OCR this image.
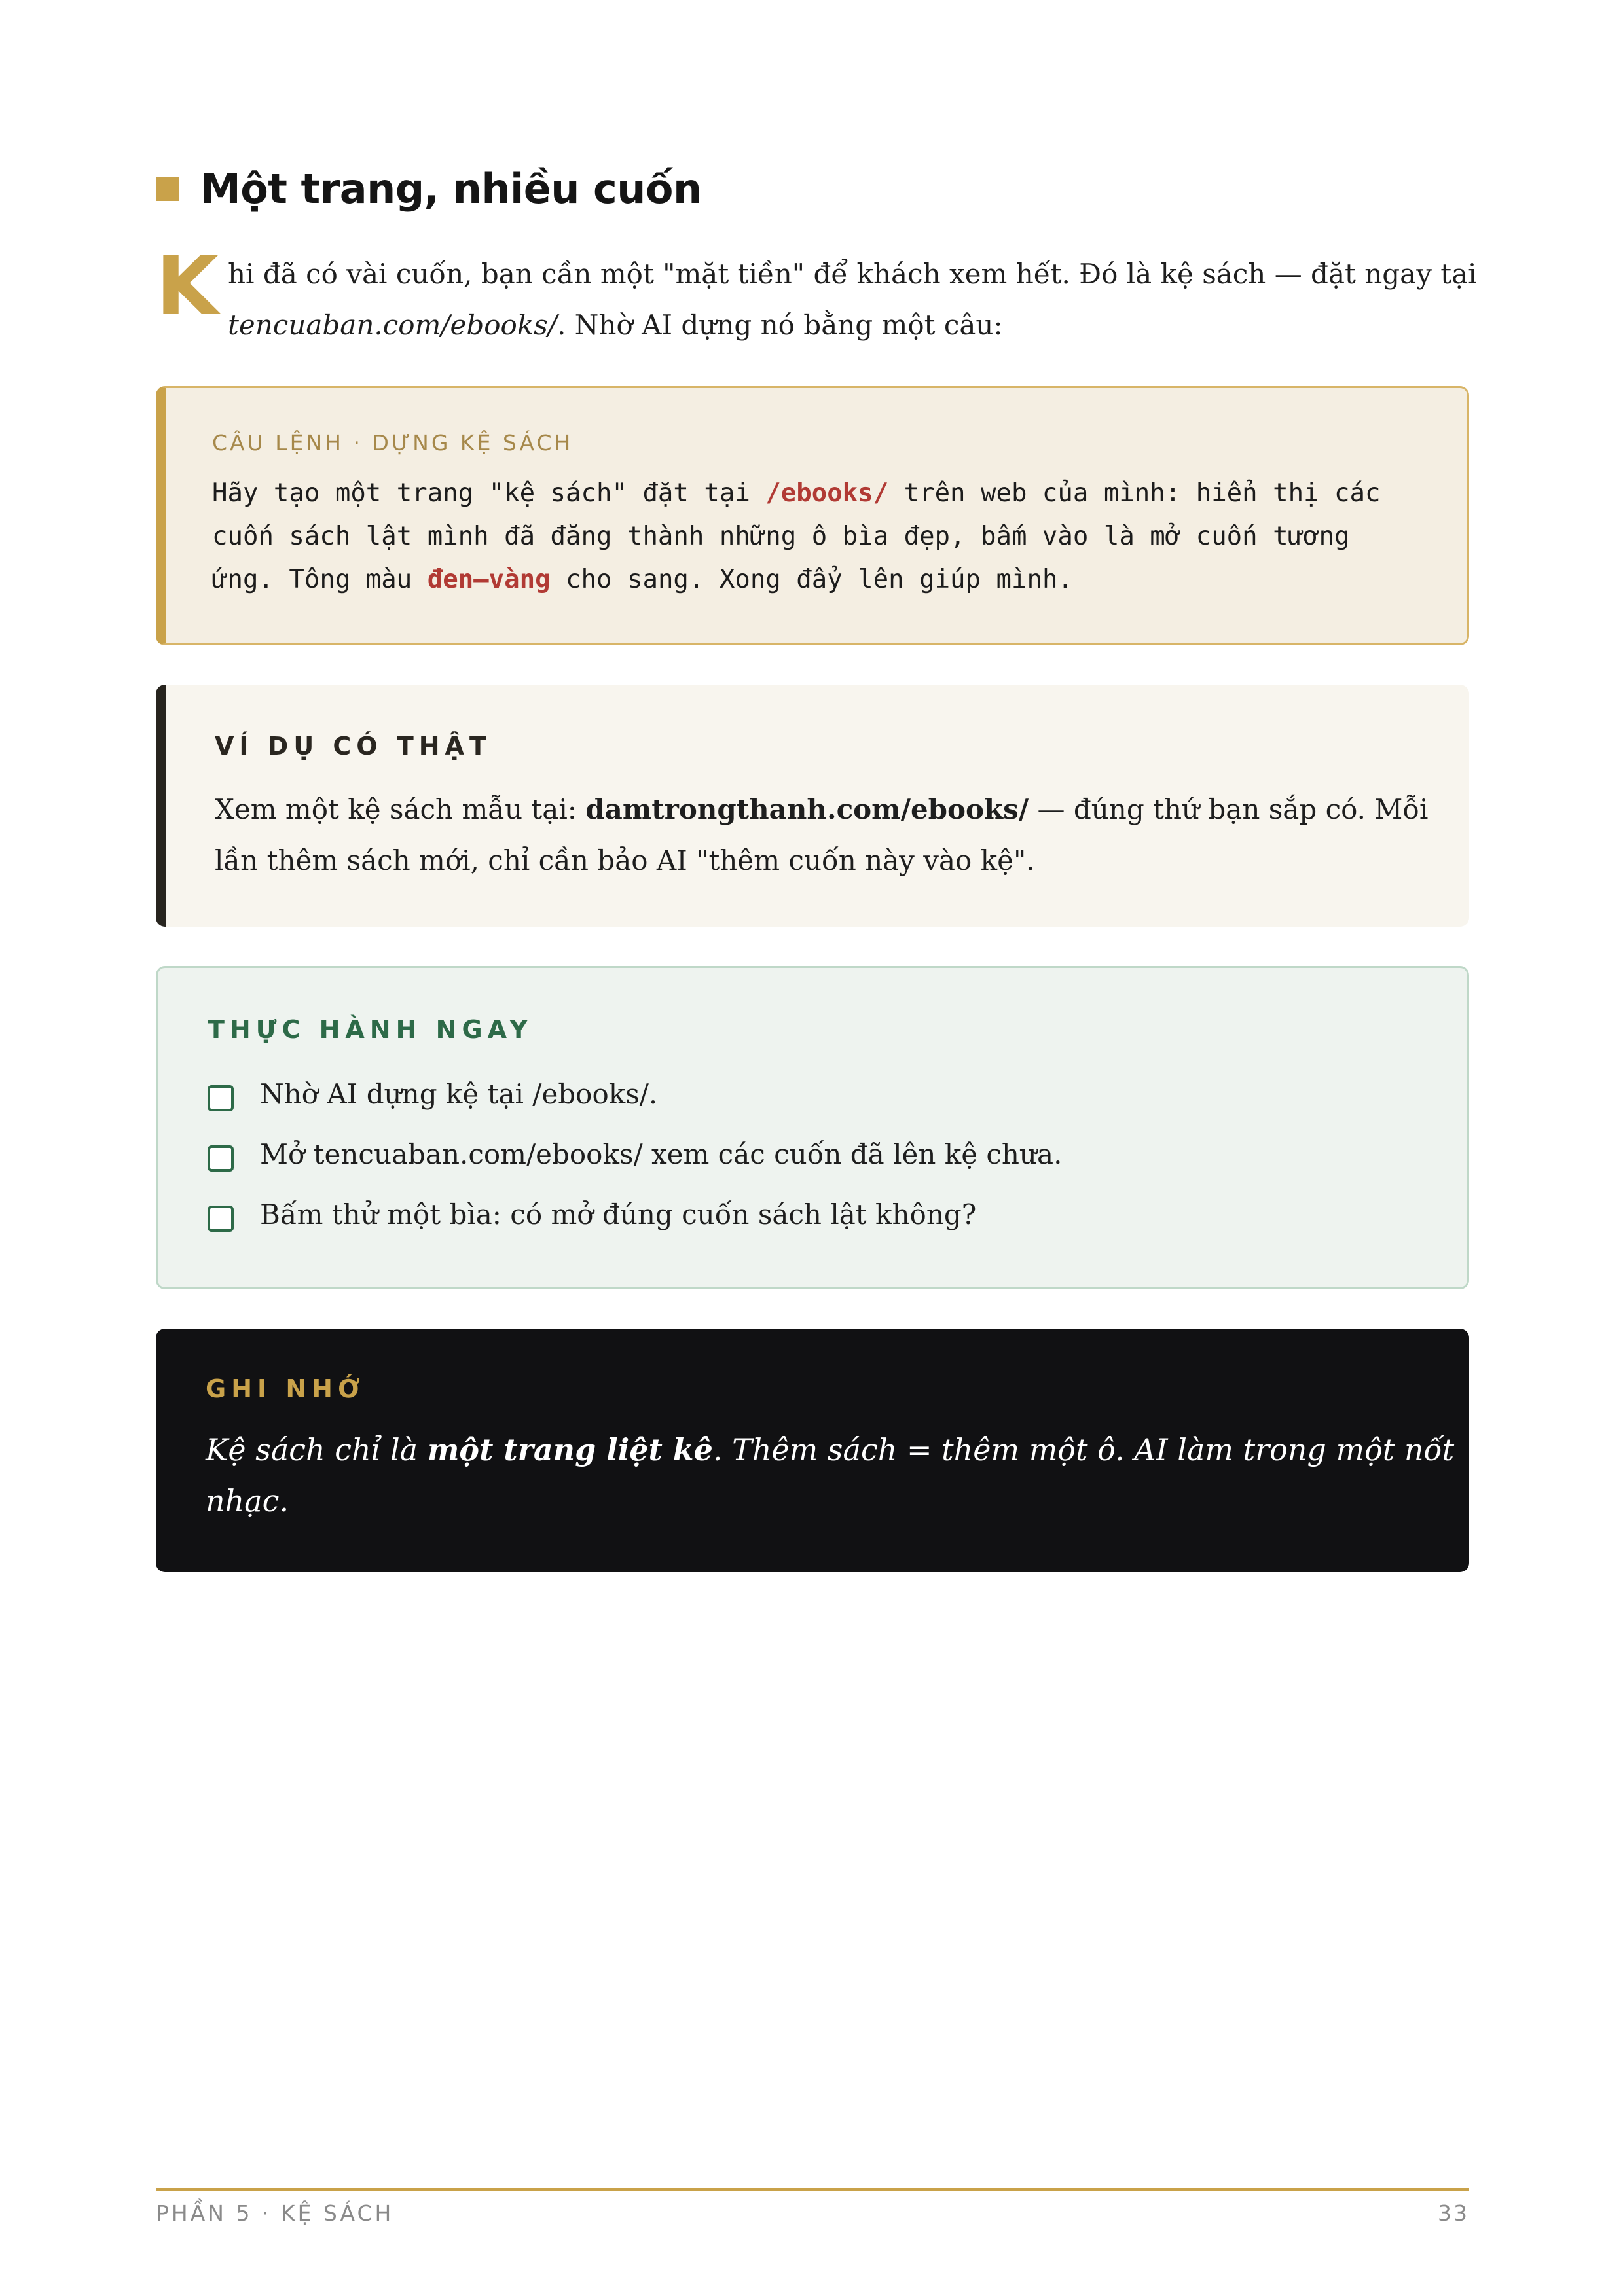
Một trang, nhiều cuốn
K hi đã có vài cuốn, bạn cần một "mặt tiền" để khách xem hết. Đó là kệ sách — đặt ngay tại
tencuaban.com/ebooks/. Nhờ AI dựng nó bằng một câu:
CÂU LỆNH · DỰNG KỆ SÁCH
Hãy tạo một trang "kệ sách" đặt tại /ebooks/ trên web của mình: hiển thị các
cuốn sách lật mình đã đăng thành những ô bìa đẹp, bấm vào là mở cuốn tương
ứng. Tông màu đen–vàng cho sang. Xong đẩy lên giúp mình.
VÍ DỤ CÓ THẬT
Xem một kệ sách mẫu tại: damtrongthanh.com/ebooks/ — đúng thứ bạn sắp có. Mỗi
lần thêm sách mới, chỉ cần bảo AI "thêm cuốn này vào kệ".
THỰC HÀNH NGAY
Nhờ AI dựng kệ tại /ebooks/.
Mở tencuaban.com/ebooks/ xem các cuốn đã lên kệ chưa.
Bấm thử một bìa: có mở đúng cuốn sách lật không?
GHI NHỚ
Kệ sách chỉ là một trang liệt kê. Thêm sách = thêm một ô. AI làm trong một nốt
nhạc.
PHẦN 5 · KỆ SÁCH	33
